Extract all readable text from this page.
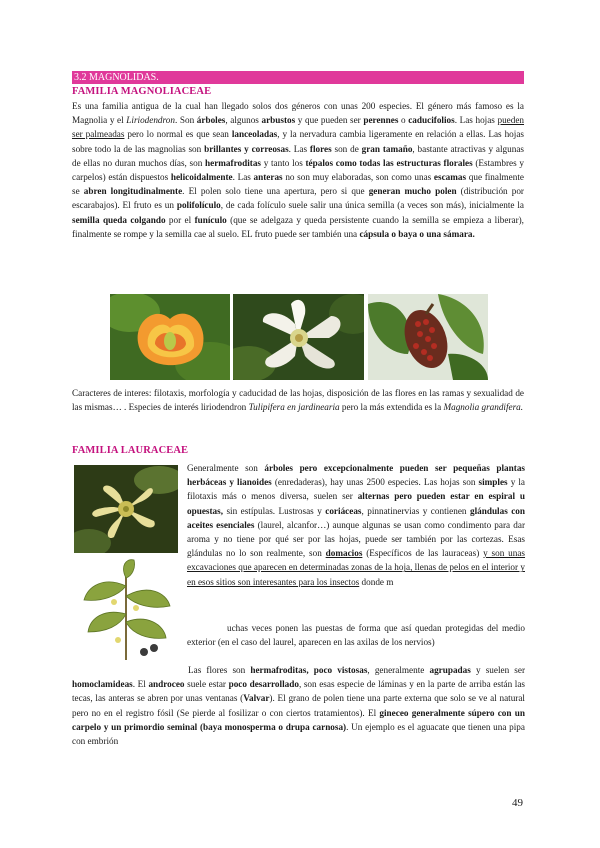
3.2 MAGNOLIDAS.
FAMILIA MAGNOLIACEAE

Es una familia antigua de la cual han llegado solos dos géneros con unas 200 especies. El género más famoso es la Magnolia y el Liriodendron. Son árboles, algunos arbustos y que pueden ser perennes o caducifolios. Las hojas pueden ser palmeadas pero lo normal es que sean lanceoladas, y la nervadura cambia ligeramente en relación a ellas. Las hojas sobre todo la de las magnolias son brillantes y correosas. Las flores son de gran tamaño, bastante atractivas y algunas de ellas no duran muchos días, son hermafroditas y tanto los tépalos como todas las estructuras florales (Estambres y carpelos) están dispuestos helicoidalmente. Las anteras no son muy elaboradas, son como unas escamas que finalmente se abren longitudinalmente. El polen solo tiene una apertura, pero si que generan mucho polen (distribución por escarabajos). El fruto es un polifolículo, de cada folículo suele salir una única semilla (a veces son más), inicialmente la semilla queda colgando por el funículo (que se adelgaza y queda persistente cuando la semilla se empieza a liberar), finalmente se rompe y la semilla cae al suelo. EL fruto puede ser también una cápsula o baya o una sámara.

Caracteres de interes: filotaxis, morfología y caducidad de las hojas, disposición de las flores en las ramas y sexualidad de las mismas… . Especies de interés liriodendron Tulipifera en jardinearia pero la más extendida es la Magnolia grandifera.

FAMILIA LAURACEAE

Generalmente son árboles pero excepcionalmente pueden ser pequeñas plantas herbáceas y lianoides (enredaderas), hay unas 2500 especies. Las hojas son simples y la filotaxis más o menos diversa, suelen ser alternas pero pueden estar en espiral u opuestas, sin estípulas. Lustrosas y coriáceas, pinnatinervias y contienen glándulas con aceites esenciales (laurel, alcanfor…) aunque algunas se usan como condimento para dar aroma y no tiene por qué ser por las hojas, puede ser también por las cortezas. Esas glándulas no lo son realmente, son domacios (Específicos de las lauraceas) y son unas excavaciones que aparecen en determinadas zonas de la hoja, llenas de pelos en el interior y en esos sitios son interesantes para los insectos donde m

uchas veces ponen las puestas de forma que así quedan protegidas del medio exterior (en el caso del laurel, aparecen en las axilas de los nervios)

Las flores son hermafroditas, poco vistosas, generalmente agrupadas y suelen ser homoclamideas. El androceo suele estar poco desarrollado, son esas especie de láminas y en la parte de arriba están las tecas, las anteras se abren por unas ventanas (Valvar). El grano de polen tiene una parte externa que solo se ve al natural pero no en el registro fósil (Se pierde al fosilizar o con ciertos tratamientos). El gineceo generalmente súpero con un carpelo y un primordio seminal (baya monosperma o drupa carnosa). Un ejemplo es el aguacate que tienen una pipa con embrión

49
